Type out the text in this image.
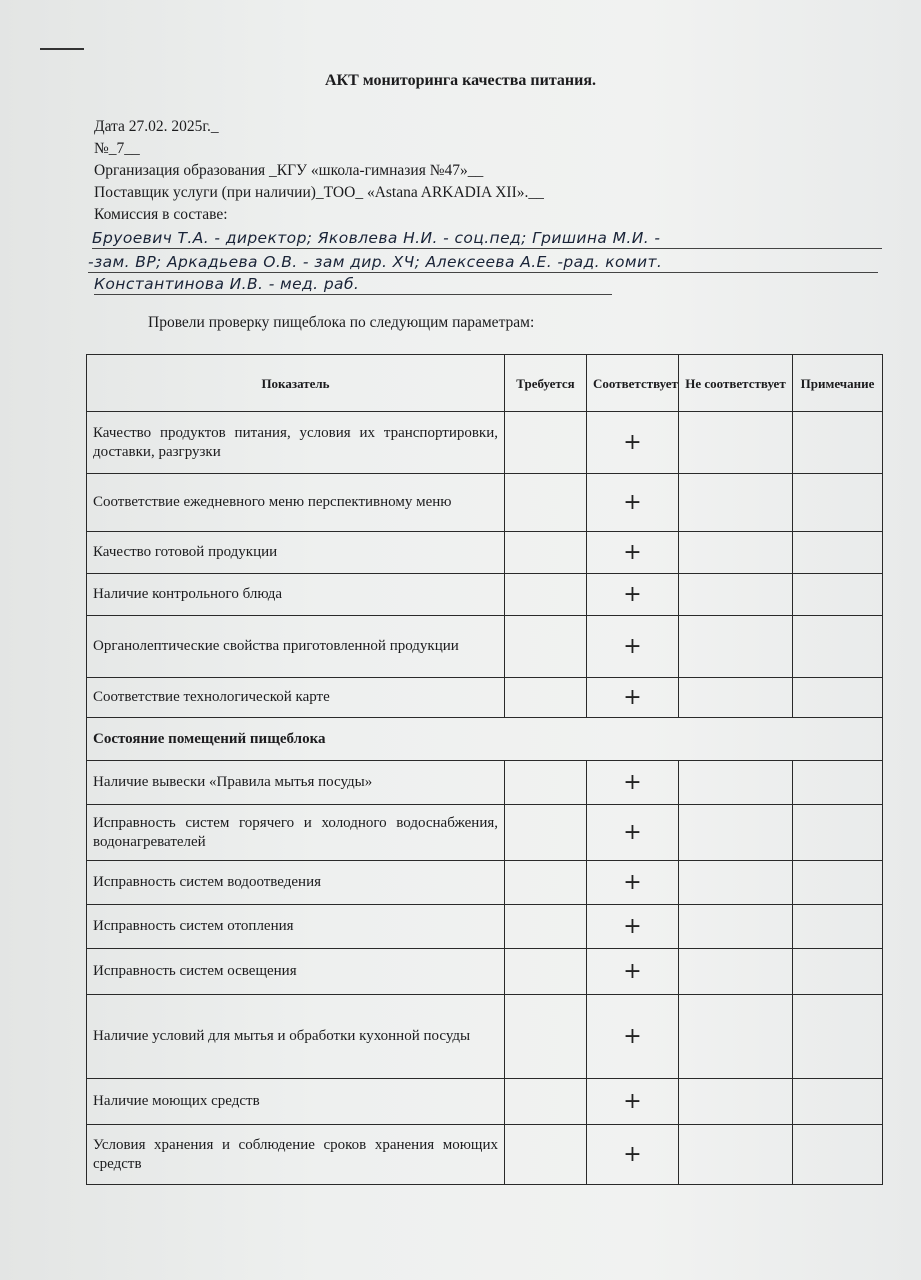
АКТ мониторинга качества питания.
Дата 27.02. 2025г._
№_7__
Организация образования _КГУ «школа-гимназия №47»__
Поставщик услуги (при наличии)_ТОО_ «Astana ARKADIA XII».__
Комиссия в составе:
Бруоевич Т.А. - директор; Яковлева Н.И. - соц.пед; Гришина М.И. -
-зам. ВР; Аркадьева О.В. - зам дир. ХЧ; Алексеева А.Е. -рад. комит.
Константинова И.В. - мед. раб.
Провели проверку пищеблока по следующим параметрам:
Показатель	Требуется	Соответствует	Не соответствует	Примечание
Качество продуктов питания, условия их транспортировки, доставки, разгрузки		+		
Соответствие ежедневного меню перспективному меню		+		
Качество готовой продукции		+		
Наличие контрольного блюда		+		
Органолептические свойства приготовленной продукции		+		
Соответствие технологической карте		+		
Состояние помещений пищеблока				
Наличие вывески «Правила мытья посуды»		+		
Исправность систем горячего и холодного водоснабжения, водонагревателей		+		
Исправность систем водоотведения		+		
Исправность систем отопления		+		
Исправность систем освещения		+		
Наличие условий для мытья и обработки кухонной посуды		+		
Наличие моющих средств		+		
Условия хранения и соблюдение сроков хранения моющих средств		+		
